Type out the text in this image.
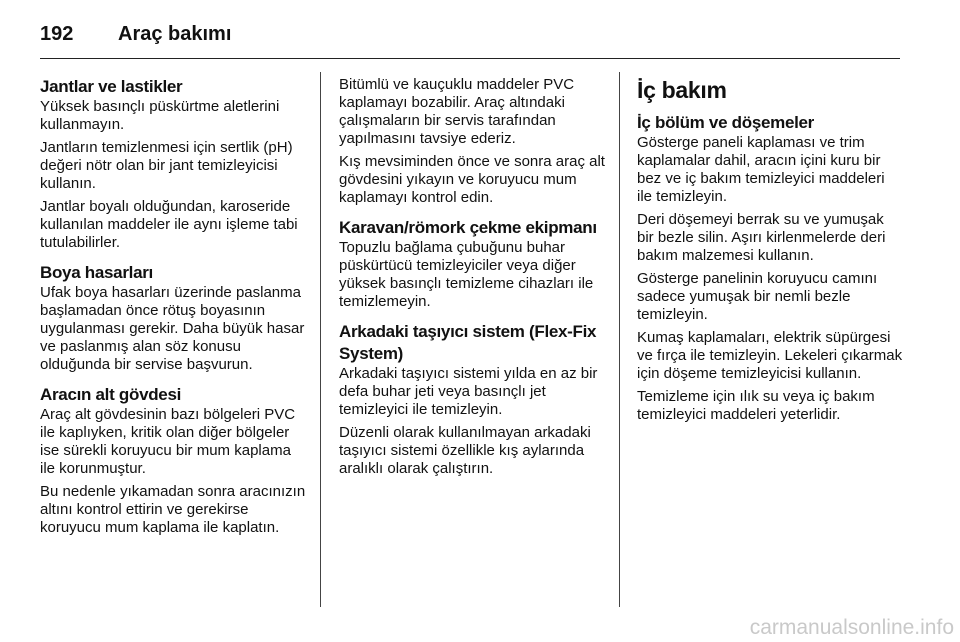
192	Araç bakımı
Jantlar ve lastikler

Yüksek basınçlı püskürtme aletlerini kullanmayın.

Jantların temizlenmesi için sertlik (pH) değeri nötr olan bir jant temizleyicisi kullanın.

Jantlar boyalı olduğundan, karoseride kullanılan maddeler ile aynı işleme tabi tutulabilirler.

Boya hasarları

Ufak boya hasarları üzerinde paslanma başlamadan önce rötuş boyasının uygulanması gerekir. Daha büyük hasar ve paslanmış alan söz konusu olduğunda bir servise başvurun.

Aracın alt gövdesi

Araç alt gövdesinin bazı bölgeleri PVC ile kaplıyken, kritik olan diğer bölgeler ise sürekli koruyucu bir mum kaplama ile korunmuştur.

Bu nedenle yıkamadan sonra aracınızın altını kontrol ettirin ve gerekirse koruyucu mum kaplama ile kaplatın.

Bitümlü ve kauçuklu maddeler PVC kaplamayı bozabilir. Araç altındaki çalışmaların bir servis tarafından yapılmasını tavsiye ederiz.

Kış mevsiminden önce ve sonra araç alt gövdesini yıkayın ve koruyucu mum kaplamayı kontrol edin.

Karavan/römork çekme ekipmanı

Topuzlu bağlama çubuğunu buhar püskürtücü temizleyiciler veya diğer yüksek basınçlı temizleme cihazları ile temizlemeyin.

Arkadaki taşıyıcı sistem (Flex-Fix System)

Arkadaki taşıyıcı sistemi yılda en az bir defa buhar jeti veya basınçlı jet temizleyici ile temizleyin.

Düzenli olarak kullanılmayan arkadaki taşıyıcı sistemi özellikle kış aylarında aralıklı olarak çalıştırın.

İç bakım
İç bölüm ve döşemeler

Gösterge paneli kaplaması ve trim kaplamalar dahil, aracın içini kuru bir bez ve iç bakım temizleyici maddeleri ile temizleyin.

Deri döşemeyi berrak su ve yumuşak bir bezle silin. Aşırı kirlenmelerde deri bakım malzemesi kullanın.

Gösterge panelinin koruyucu camını sadece yumuşak bir nemli bezle temizleyin.

Kumaş kaplamaları, elektrik süpürgesi ve fırça ile temizleyin. Lekeleri çıkarmak için döşeme temizleyicisi kullanın.

Temizleme için ılık su veya iç bakım temizleyici maddeleri yeterlidir.

carmanualsonline.info
